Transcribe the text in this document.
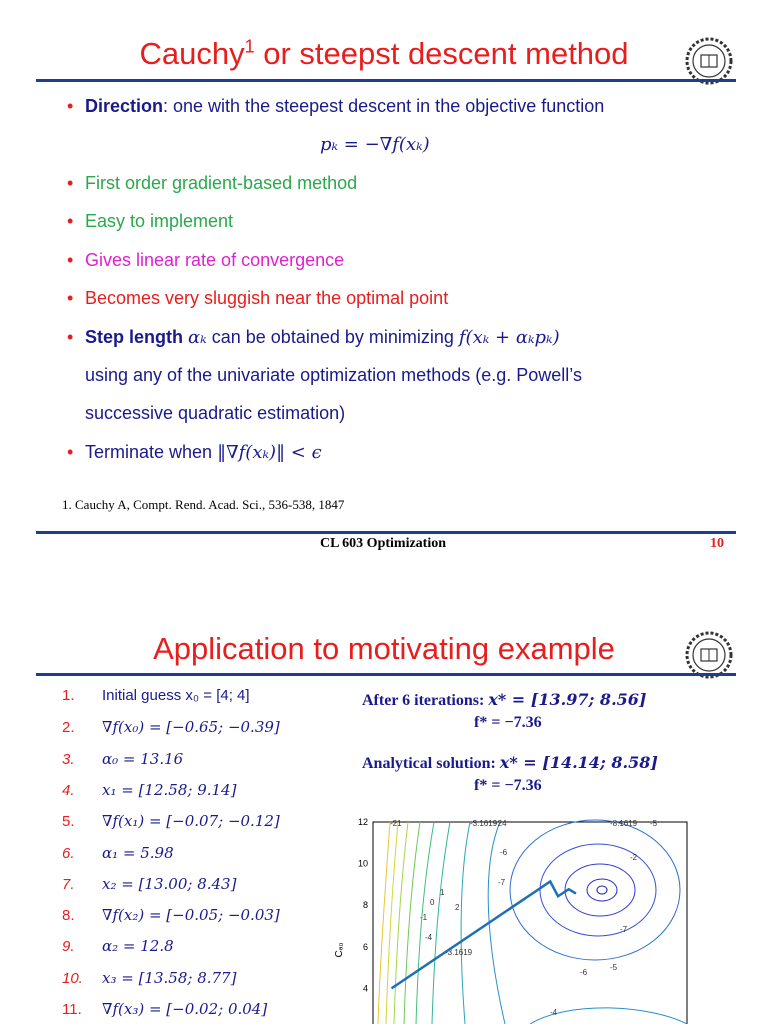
Cauchy$^1$ or steepst descent method
• Direction: one with the steepest descent in the objective function
pₖ = −∇f(xₖ)
• First order gradient-based method
• Easy to implement
• Gives linear rate of convergence
• Becomes very sluggish near the optimal point
• Step length αₖ can be obtained by minimizing f(xₖ + αₖpₖ)
using any of the univariate optimization methods (e.g. Powell’s
successive quadratic estimation)
• Terminate when ‖∇f(xₖ)‖ < ϵ
1. Cauchy A, Compt. Rend. Acad. Sci., 536-538, 1847
CL 603 Optimization	10
Application to motivating example
1. Initial guess x₀ = [4; 4]
2. ∇f(x₀) = [−0.65; −0.39]
3. α₀ = 13.16
4. x₁ = [12.58; 9.14]
5. ∇f(x₁) = [−0.07; −0.12]
6. α₁ = 5.98
7. x₂ = [13.00; 8.43]
8. ∇f(x₂) = [−0.05; −0.03]
9. α₂ = 12.8
10. x₃ = [13.58; 8.77]
11. ∇f(x₃) = [−0.02; 0.04]
After 6 iterations: x* = [13.97; 8.56]
f* = −7.36
Analytical solution: x* = [14.14; 8.58]
f* = −7.36
-21	-3.1619
-24	-8.1619 -5
-6
-7
-2
-1
0
1
2
-4
-3.1619
-7
-6
-5
-4
12
10
8
6
4
Cₐ₀
